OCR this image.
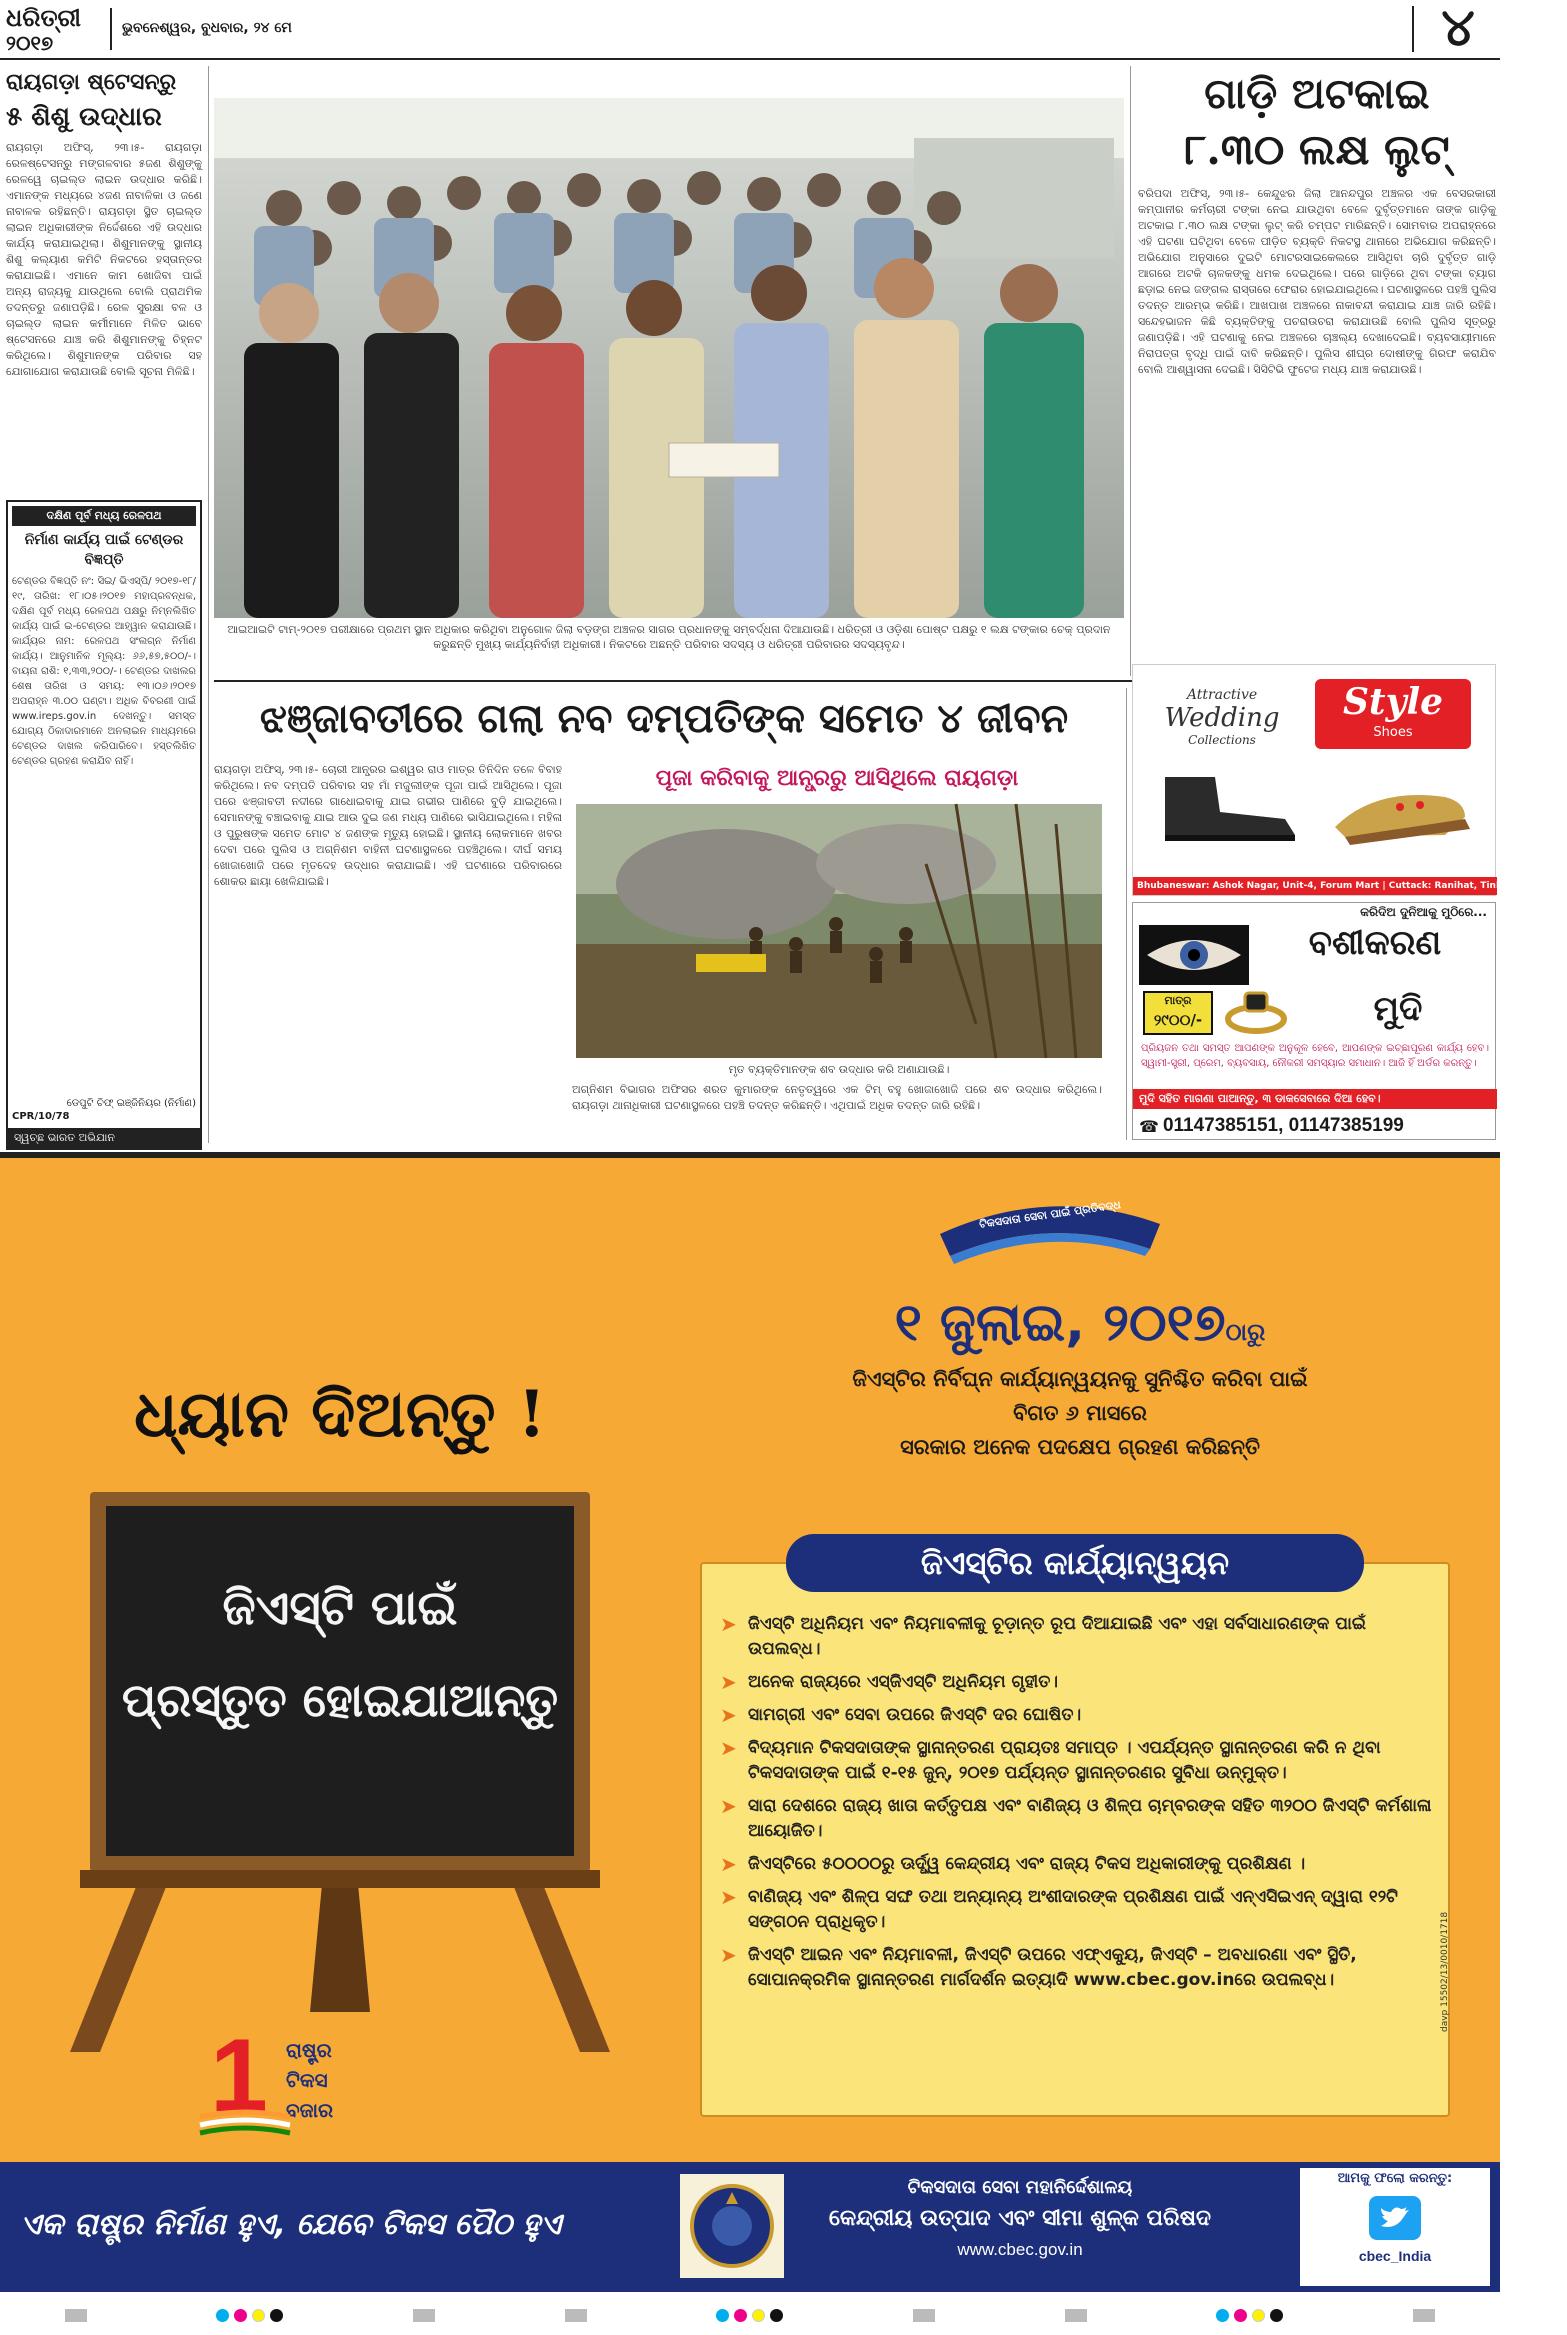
ଧରିତ୍ରୀ
୨୦୧୭
ଭୁବନେଶ୍ୱର, ବୁଧବାର, ୨୪ ମେ	୪
ରାୟଗଡ଼ା ଷ୍ଟେସନ୍‌ରୁ
୫ ଶିଶୁ ଉଦ୍ଧାର
ରାୟଗଡ଼ା ଅଫିସ୍, ୨୩।୫- ରାୟଗଡ଼ା ରେଳଷ୍ଟେସନ୍‌ରୁ ମଙ୍ଗଳବାର ୫ଜଣ ଶିଶୁଙ୍କୁ ରେଳୱେ ଚାଇଲ୍ଡ ଲାଇନ ଉଦ୍ଧାର କରିଛି। ଏମାନଙ୍କ ମଧ୍ୟରେ ୪ଜଣ ନାବାଳିକା ଓ ଜଣେ ନାବାଳକ ରହିଛନ୍ତି। ରାୟଗଡ଼ା ସ୍ଥିତ ଚାଇଲ୍ଡ ଲାଇନ ଅଧିକାରୀଙ୍କ ନିର୍ଦ୍ଦେଶରେ ଏହି ଉଦ୍ଧାର କାର୍ଯ୍ୟ କରାଯାଇଥିଲା। ଶିଶୁମାନଙ୍କୁ ସ୍ଥାନୀୟ ଶିଶୁ କଲ୍ୟାଣ କମିଟି ନିକଟରେ ହସ୍ତାନ୍ତର କରାଯାଇଛି। ଏମାନେ କାମ ଖୋଜିବା ପାଇଁ ଅନ୍ୟ ରାଜ୍ୟକୁ ଯାଉଥିଲେ ବୋଲି ପ୍ରାଥମିକ ତଦନ୍ତରୁ ଜଣାପଡ଼ିଛି। ରେଳ ସୁରକ୍ଷା ବଳ ଓ ଚାଇଲ୍ଡ ଲାଇନ କର୍ମୀମାନେ ମିଳିତ ଭାବେ ଷ୍ଟେସନରେ ଯାଞ୍ଚ କରି ଶିଶୁମାନଙ୍କୁ ଚିହ୍ନଟ କରିଥିଲେ। ଶିଶୁମାନଙ୍କ ପରିବାର ସହ ଯୋଗାଯୋଗ କରାଯାଉଛି ବୋଲି ସୂଚନା ମିଳିଛି।
ଦକ୍ଷିଣ ପୂର୍ବ ମଧ୍ୟ ରେଳପଥ
ନିର୍ମାଣ କାର୍ଯ୍ୟ ପାଇଁ ଟେଣ୍ଡର ବିଜ୍ଞପ୍ତି
ଟେଣ୍ଡର ବିଜ୍ଞପ୍ତି ନଂ: ସିଇ/ ଭିଏସ୍‌ପି/ ୨୦୧୭-୧୮/ ୧୯, ତାରିଖ: ୧୮।୦୫।୨୦୧୭ ମହାପ୍ରବନ୍ଧକ, ଦକ୍ଷିଣ ପୂର୍ବ ମଧ୍ୟ ରେଳପଥ ପକ୍ଷରୁ ନିମ୍ନଲିଖିତ କାର୍ଯ୍ୟ ପାଇଁ ଇ-ଟେଣ୍ଡର ଆହ୍ୱାନ କରାଯାଉଛି। କାର୍ଯ୍ୟର ନାମ: ରେଳପଥ ସଂଲଗ୍ନ ନିର୍ମାଣ କାର୍ଯ୍ୟ। ଆନୁମାନିକ ମୂଲ୍ୟ: ୬୬,୫୭,୫୦୦/-। ବାୟନା ରାଶି: ୧,୩୩,୨୦୦/-। ଟେଣ୍ଡର ଦାଖଲର ଶେଷ ତାରିଖ ଓ ସମୟ: ୧୩।୦୬।୨୦୧୭ ଅପରାହ୍ନ ୩.୦୦ ଘଣ୍ଟା। ଅଧିକ ବିବରଣୀ ପାଇଁ www.ireps.gov.in ଦେଖନ୍ତୁ। ସମସ୍ତ ଯୋଗ୍ୟ ଠିକାଦାରମାନେ ଅନଲାଇନ ମାଧ୍ୟମରେ ଟେଣ୍ଡର ଦାଖଲ କରିପାରିବେ। ହସ୍ତଲିଖିତ ଟେଣ୍ଡର ଗ୍ରହଣ କରାଯିବ ନାହିଁ।
ଡେପୁଟି ଚିଫ୍ ଇଞ୍ଜିନିୟର (ନିର୍ମାଣ)
CPR/10/78
ସ୍ୱଚ୍ଛ ଭାରତ ଅଭିଯାନ
ଆଇଆଇଟି ଟାମ୍-୨୦୧୭ ପରୀକ୍ଷାରେ ପ୍ରଥମ ସ୍ଥାନ ଅଧିକାର କରିଥିବା ଅନୁଗୋଳ ଜିଲା ବଡ଼ଙ୍ଗ ଅଞ୍ଚଳର ସାଗର ପ୍ରଧାନଙ୍କୁ ସମ୍ବର୍ଦ୍ଧନା ଦିଆଯାଉଛି। ଧରିତ୍ରୀ ଓ ଓଡ଼ିଶା ପୋଷ୍ଟ ପକ୍ଷରୁ ୧ ଲକ୍ଷ ଟଙ୍କାର ଚେକ୍ ପ୍ରଦାନ କରୁଛନ୍ତି ମୁଖ୍ୟ କାର୍ଯ୍ୟନିର୍ବାହୀ ଅଧିକାରୀ। ନିକଟରେ ଅଛନ୍ତି ପରିବାର ସଦସ୍ୟ ଓ ଧରିତ୍ରୀ ପରିବାରର ସଦସ୍ୟବୃନ୍ଦ।
ଗାଡ଼ି ଅଟକାଇ
୮.୩୦ ଲକ୍ଷ ଲୁଟ୍
ବରିପଦା ଅଫିସ୍, ୨୩।୫- କେନ୍ଦୁଝର ଜିଲା ଆନନ୍ଦପୁର ଅଞ୍ଚଳର ଏକ ବେସରକାରୀ କମ୍ପାନୀର କର୍ମଚାରୀ ଟଙ୍କା ନେଇ ଯାଉଥିବା ବେଳେ ଦୁର୍ବୃତ୍ତମାନେ ତାଙ୍କ ଗାଡ଼ିକୁ ଅଟକାଇ ୮.୩୦ ଲକ୍ଷ ଟଙ୍କା ଲୁଟ୍ କରି ଚମ୍ପଟ ମାରିଛନ୍ତି। ସୋମବାର ଅପରାହ୍ନରେ ଏହି ଘଟଣା ଘଟିଥିବା ବେଳେ ପୀଡ଼ିତ ବ୍ୟକ୍ତି ନିକଟସ୍ଥ ଥାନାରେ ଅଭିଯୋଗ କରିଛନ୍ତି। ଅଭିଯୋଗ ଅନୁସାରେ ଦୁଇଟି ମୋଟରସାଇକେଲରେ ଆସିଥିବା ଚାରି ଦୁର୍ବୃତ୍ତ ଗାଡ଼ି ଆଗରେ ଅଟକି ଚାଳକଙ୍କୁ ଧମକ ଦେଇଥିଲେ। ପରେ ଗାଡ଼ିରେ ଥିବା ଟଙ୍କା ବ୍ୟାଗ ଛଡ଼ାଇ ନେଇ ଜଙ୍ଗଲ ରାସ୍ତାରେ ଫେରାର ହୋଇଯାଇଥିଲେ। ଘଟଣାସ୍ଥଳରେ ପହଞ୍ଚି ପୁଲିସ ତଦନ୍ତ ଆରମ୍ଭ କରିଛି। ଆଖପାଖ ଅଞ୍ଚଳରେ ନାକାବନ୍ଦୀ କରାଯାଇ ଯାଞ୍ଚ ଜାରି ରହିଛି। ସନ୍ଦେହଭାଜନ କିଛି ବ୍ୟକ୍ତିଙ୍କୁ ପଚରାଉଚରା କରାଯାଉଛି ବୋଲି ପୁଲିସ ସୂତ୍ରରୁ ଜଣାପଡ଼ିଛି। ଏହି ଘଟଣାକୁ ନେଇ ଅଞ୍ଚଳରେ ଚାଞ୍ଚଲ୍ୟ ଦେଖାଦେଇଛି। ବ୍ୟବସାୟୀମାନେ ନିରାପତ୍ତା ବୃଦ୍ଧି ପାଇଁ ଦାବି କରିଛନ୍ତି। ପୁଲିସ ଶୀଘ୍ର ଦୋଷୀଙ୍କୁ ଗିରଫ କରାଯିବ ବୋଲି ଆଶ୍ୱାସନା ଦେଇଛି। ସିସିଟିଭି ଫୁଟେଜ ମଧ୍ୟ ଯାଞ୍ଚ କରାଯାଉଛି।
ଝଞ୍ଜାବତୀରେ ଗଲା ନବ ଦମ୍ପତିଙ୍କ ସମେତ ୪ ଜୀବନ
ରାୟଗଡ଼ା ଅଫିସ୍, ୨୩।୫- ଚୋରୀ ଆନ୍ଧ୍ରର ଇଶ୍ୱର ରାଓ ମାତ୍ର ତିନିଦିନ ତଳେ ବିବାହ କରିଥିଲେ। ନବ ଦମ୍ପତି ପରିବାର ସହ ମାଁ ମଜୁଲୀଙ୍କ ପୂଜା ପାଇଁ ଆସିଥିଲେ। ପୂଜା ପରେ ଝଞ୍ଜାବତୀ ନଦୀରେ ଗାଧୋଇବାକୁ ଯାଇ ଗଭୀର ପାଣିରେ ବୁଡ଼ି ଯାଇଥିଲେ। ସେମାନଙ୍କୁ ବଞ୍ଚାଇବାକୁ ଯାଇ ଆଉ ଦୁଇ ଜଣ ମଧ୍ୟ ପାଣିରେ ଭାସିଯାଇଥିଲେ। ମହିଳା ଓ ପୁରୁଷଙ୍କ ସମେତ ମୋଟ ୪ ଜଣଙ୍କ ମୃତ୍ୟୁ ହୋଇଛି। ସ୍ଥାନୀୟ ଲୋକମାନେ ଖବର ଦେବା ପରେ ପୁଲିସ ଓ ଅଗ୍ନିଶମ ବାହିନୀ ଘଟଣାସ୍ଥଳରେ ପହଞ୍ଚିଥିଲେ। ଦୀର୍ଘ ସମୟ ଖୋଜାଖୋଜି ପରେ ମୃତଦେହ ଉଦ୍ଧାର କରାଯାଇଛି। ଏହି ଘଟଣାରେ ପରିବାରରେ ଶୋକର ଛାୟା ଖେଳିଯାଇଛି।
ପୂଜା କରିବାକୁ ଆନ୍ଧ୍ରରୁ ଆସିଥିଲେ ରାୟଗଡ଼ା
ମୃତ ବ୍ୟକ୍ତିମାନଙ୍କ ଶବ ଉଦ୍ଧାର କରି ଅଣାଯାଉଛି।
ଅଗ୍ନିଶମ ବିଭାଗର ଅଫିସର ଶରତ କୁମାରଙ୍କ ନେତୃତ୍ୱରେ ଏକ ଟିମ୍ ବହୁ ଖୋଜାଖୋଜି ପରେ ଶବ ଉଦ୍ଧାର କରିଥିଲେ। ରାୟଗଡ଼ା ଥାନାଧିକାରୀ ଘଟଣାସ୍ଥଳରେ ପହଞ୍ଚି ତଦନ୍ତ କରିଛନ୍ତି। ଏଥିପାଇଁ ଅଧିକ ତଦନ୍ତ ଜାରି ରହିଛି।
Attractive
Wedding
Collections
Style
Shoes
Bhubaneswar: Ashok Nagar, Unit-4, Forum Mart | Cuttack: Ranihat, Tinkonia Bagicha
କରିଦିଅ ଦୁନିଆକୁ ମୁଠିରେ...
ବଶୀକରଣ
ମାତ୍ର
୨୯୦୦/-	ମୁଦି
ପ୍ରିୟଜନ ତଥା ସମସ୍ତ ଆପଣଙ୍କ ଅନୁକୂଳ ହେବେ, ଆପଣଙ୍କ ଇଚ୍ଛାପୂରଣ କାର୍ଯ୍ୟ ହେବ। ସ୍ୱାମୀ-ସ୍ତ୍ରୀ, ପ୍ରେମ, ବ୍ୟବସାୟ, ନୌକରୀ ସମସ୍ୟାର ସମାଧାନ। ଆଜି ହିଁ ଅର୍ଡର କରନ୍ତୁ।
ମୁଦି ସହିତ ମାଗଣା ପାଆନ୍ତୁ, ୩ ଡାକସେବାରେ ଦିଆ ହେବ।
☎ 01147385151, 01147385199
ଟିକସଦାତା ସେବା ପାଇଁ ପ୍ରତିବଦ୍ଧ
୧ ଜୁଲାଇ, ୨୦୧୭ଠାରୁ
ଜିଏସ୍‌ଟିର ନିର୍ବିଘ୍ନ କାର୍ଯ୍ୟାନ୍ୱୟନକୁ ସୁନିଶ୍ଚିତ କରିବା ପାଇଁ
ବିଗତ ୬ ମାସରେ
ସରକାର ଅନେକ ପଦକ୍ଷେପ ଗ୍ରହଣ କରିଛନ୍ତି
ଧ୍ୟାନ ଦିଅନ୍ତୁ !
ଜିଏସ୍‌ଟି ପାଇଁ
ପ୍ରସ୍ତୁତ ହୋଇଯାଆନ୍ତୁ
1 ରାଷ୍ଟ୍ର
ଟିକସ
ବଜାର
ଜିଏସ୍‌ଟିର କାର୍ଯ୍ୟାନ୍ୱୟନ
➤ ଜିଏସ୍‌ଟି ଅଧିନିୟମ ଏବଂ ନିୟମାବଳୀକୁ ଚୂଡ଼ାନ୍ତ ରୂପ ଦିଆଯାଇଛି ଏବଂ ଏହା ସର୍ବସାଧାରଣଙ୍କ ପାଇଁ ଉପଲବ୍ଧ।
➤ ଅନେକ ରାଜ୍ୟରେ ଏସ୍‌ଜିଏସ୍‌ଟି ଅଧିନିୟମ ଗୃହୀତ।
➤ ସାମଗ୍ରୀ ଏବଂ ସେବା ଉପରେ ଜିଏସ୍‌ଟି ଦର ଘୋଷିତ।
➤ ବିଦ୍ୟମାନ ଟିକସଦାତାଙ୍କ ସ୍ଥାନାନ୍ତରଣ ପ୍ରାୟତଃ ସମାପ୍ତ । ଏପର୍ଯ୍ୟନ୍ତ ସ୍ଥାନାନ୍ତରଣ କରି ନ ଥିବା ଟିକସଦାତାଙ୍କ ପାଇଁ ୧-୧୫ ଜୁନ୍, ୨୦୧୭ ପର୍ଯ୍ୟନ୍ତ ସ୍ଥାନାନ୍ତରଣର ସୁବିଧା ଉନ୍ମୁକ୍ତ।
➤ ସାରା ଦେଶରେ ରାଜ୍ୟ ଖାତା କର୍ତ୍ତୃପକ୍ଷ ଏବଂ ବାଣିଜ୍ୟ ଓ ଶିଳ୍ପ ଚାମ୍ବରଙ୍କ ସହିତ ୩୨୦୦ ଜିଏସ୍‌ଟି କର୍ମଶାଳା ଆୟୋଜିତ।
➤ ଜିଏସ୍‌ଟିରେ ୫୦୦୦୦ରୁ ଊର୍ଦ୍ଧ୍ୱ କେନ୍ଦ୍ରୀୟ ଏବଂ ରାଜ୍ୟ ଟିକସ ଅଧିକାରୀଙ୍କୁ ପ୍ରଶିକ୍ଷଣ ।
➤ ବାଣିଜ୍ୟ ଏବଂ ଶିଳ୍ପ ସଙ୍ଘ ତଥା ଅନ୍ୟାନ୍ୟ ଅଂଶୀଦାରଙ୍କ ପ୍ରଶିକ୍ଷଣ ପାଇଁ ଏନ୍‌ଏସିଇଏନ୍ ଦ୍ୱାରା ୧୨ଟି ସଙ୍ଗଠନ ପ୍ରାଧିକୃତ।
➤ ଜିଏସ୍‌ଟି ଆଇନ ଏବଂ ନିୟମାବଳୀ, ଜିଏସ୍‌ଟି ଉପରେ ଏଫ୍‌ଏକ୍ୟୁ, ଜିଏସ୍‌ଟି – ଅବଧାରଣା ଏବଂ ସ୍ଥିତି, ସୋପାନକ୍ରମିକ ସ୍ଥାନାନ୍ତରଣ ମାର୍ଗଦର୍ଶନ ଇତ୍ୟାଦି www.cbec.gov.inରେ ଉପଲବ୍ଧ।	davp 15502/13/0010/1718
ଏକ ରାଷ୍ଟ୍ର ନିର୍ମାଣ ହୁଏ, ଯେବେ ଟିକସ ପୈଠ ହୁଏ
ଟିକସଦାତା ସେବା ମହାନିର୍ଦ୍ଦେଶାଳୟ
କେନ୍ଦ୍ରୀୟ ଉତ୍ପାଦ ଏବଂ ସୀମା ଶୁଳ୍କ ପରିଷଦ
www.cbec.gov.in
ଆମକୁ ଫଲୋ କରନ୍ତୁ:
cbec_India
